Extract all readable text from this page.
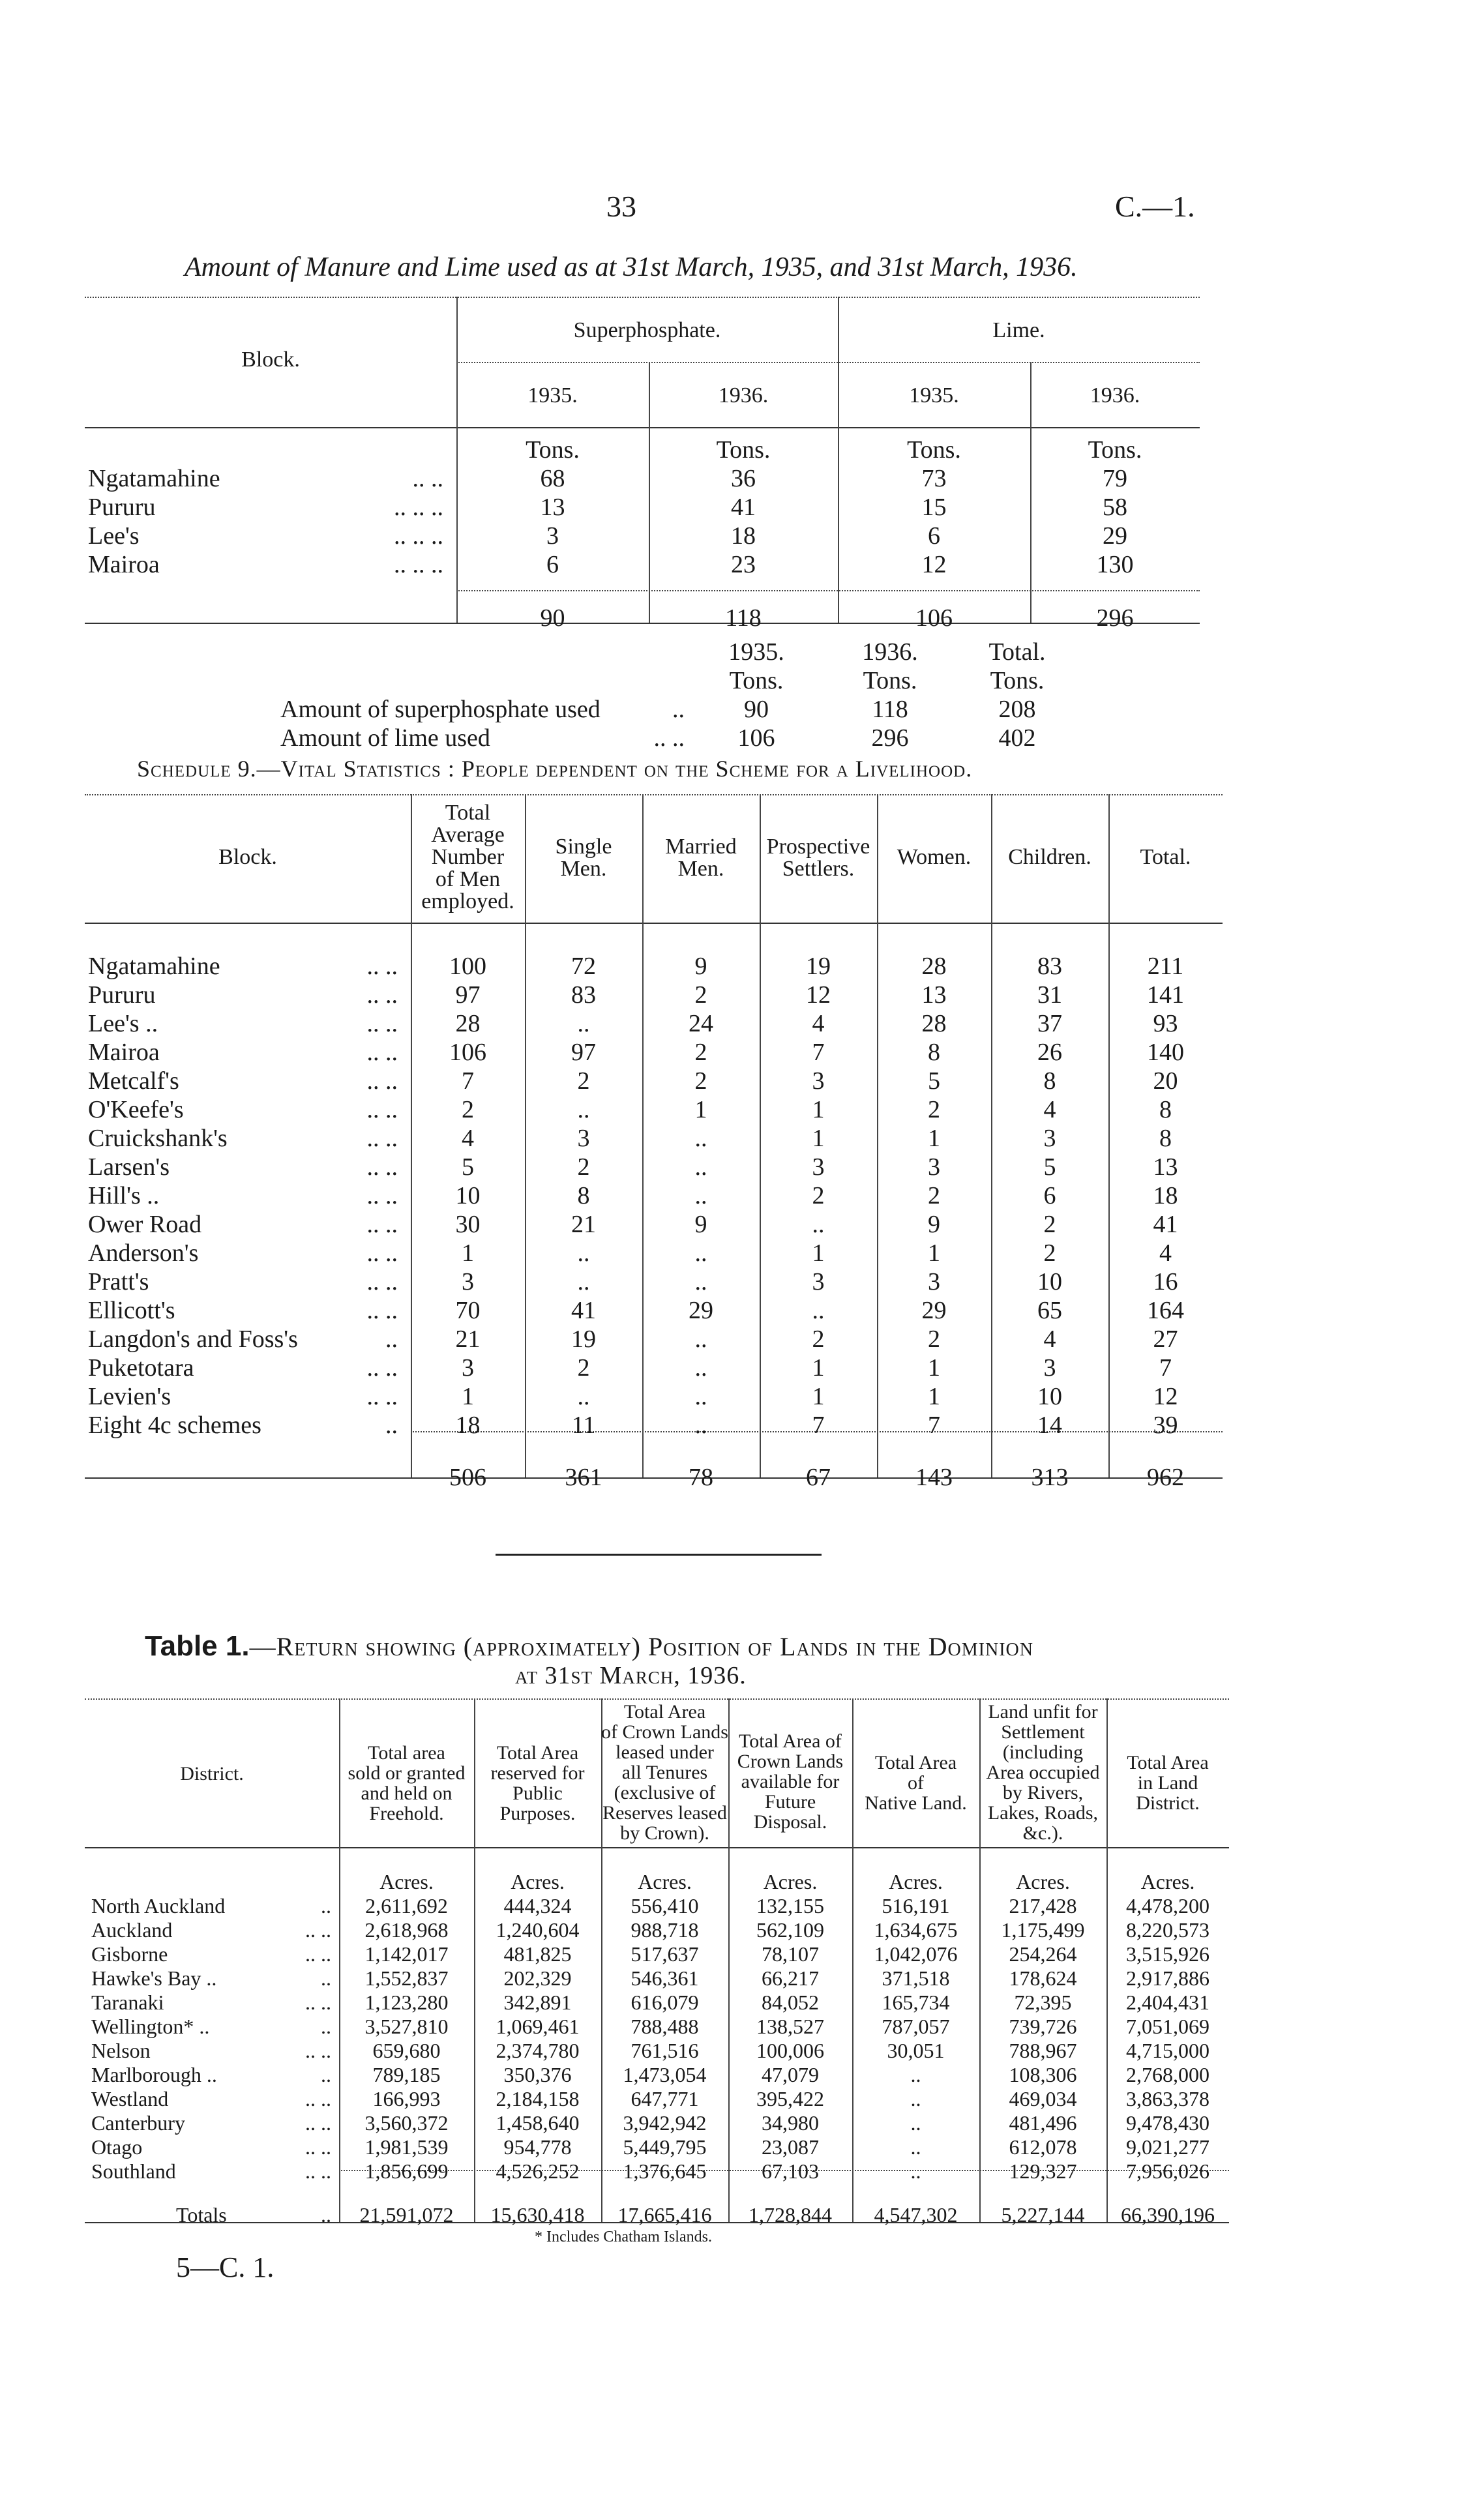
33	C.—1.
Amount of Manure and Lime used as at 31st March, 1935, and 31st March, 1936.
Block.
Superphosphate.	Lime.
1935.	1936.	1935.	1936.
	Tons.	Tons.	Tons.	Tons.
Ngatamahine .. ..	68	36	73	79
Pururu .. .. ..	13	41	15	58
Lee's .. .. ..	3	18	6	29
Mairoa .. .. ..	6	23	12	130
	90	118	106	296
	1935.	1936.	Total.
	Tons.	Tons.	Tons.
Amount of superphosphate used ..	90	118	208
Amount of lime used .. ..	106	296	402
Schedule 9.—Vital Statistics : People dependent on the Scheme for a Livelihood.
Block.
Total
Average
Number
of Men
employed.
Single
Men.
Married
Men.
Prospective
Settlers.	Women.	Children.	Total.
Ngatamahine .. ..	100	72	9	19	28	83	211
Pururu .. ..	97	83	2	12	13	31	141
Lee's .. .. ..	28	..	24	4	28	37	93
Mairoa .. ..	106	97	2	7	8	26	140
Metcalf's .. ..	7	2	2	3	5	8	20
O'Keefe's .. ..	2	..	1	1	2	4	8
Cruickshank's .. ..	4	3	..	1	1	3	8
Larsen's .. ..	5	2	..	3	3	5	13
Hill's .. .. ..	10	8	..	2	2	6	18
Ower Road .. ..	30	21	9	..	9	2	41
Anderson's .. ..	1	..	..	1	1	2	4
Pratt's .. ..	3	..	..	3	3	10	16
Ellicott's .. ..	70	41	29	..	29	65	164
Langdon's and Foss's ..	21	19	..	2	2	4	27
Puketotara .. ..	3	2	..	1	1	3	7
Levien's .. ..	1	..	..	1	1	10	12
Eight 4c schemes ..	18	11	..	7	7	14	39
	506	361	78	67	143	313	962
Table 1.—Return showing (approximately) Position of Lands in the Dominion
at 31st March, 1936.
District.
Total area
sold or granted
and held on
Freehold.
Total Area
reserved for
Public
Purposes.
Total Area
of Crown Lands
leased under
all Tenures
(exclusive of
Reserves leased
by Crown).
Total Area of
Crown Lands
available for
Future
Disposal.
Total Area
of
Native Land.
Land unfit for
Settlement
(including
Area occupied
by Rivers,
Lakes, Roads,
&c.).
Total Area
in Land
District.
	Acres.	Acres.	Acres.	Acres.	Acres.	Acres.	Acres.
North Auckland ..	2,611,692	444,324	556,410	132,155	516,191	217,428	4,478,200
Auckland .. ..	2,618,968	1,240,604	988,718	562,109	1,634,675	1,175,499	8,220,573
Gisborne .. ..	1,142,017	481,825	517,637	78,107	1,042,076	254,264	3,515,926
Hawke's Bay .. ..	1,552,837	202,329	546,361	66,217	371,518	178,624	2,917,886
Taranaki .. ..	1,123,280	342,891	616,079	84,052	165,734	72,395	2,404,431
Wellington* .. ..	3,527,810	1,069,461	788,488	138,527	787,057	739,726	7,051,069
Nelson .. ..	659,680	2,374,780	761,516	100,006	30,051	788,967	4,715,000
Marlborough .. ..	789,185	350,376	1,473,054	47,079	..	108,306	2,768,000
Westland .. ..	166,993	2,184,158	647,771	395,422	..	469,034	3,863,378
Canterbury .. ..	3,560,372	1,458,640	3,942,942	34,980	..	481,496	9,478,430
Otago .. ..	1,981,539	954,778	5,449,795	23,087	..	612,078	9,021,277
Southland .. ..	1,856,699	4,526,252	1,376,645	67,103	..	129,327	7,956,026
Totals ..	21,591,072	15,630,418	17,665,416	1,728,844	4,547,302	5,227,144	66,390,196
* Includes Chatham Islands.
5—C. 1.
